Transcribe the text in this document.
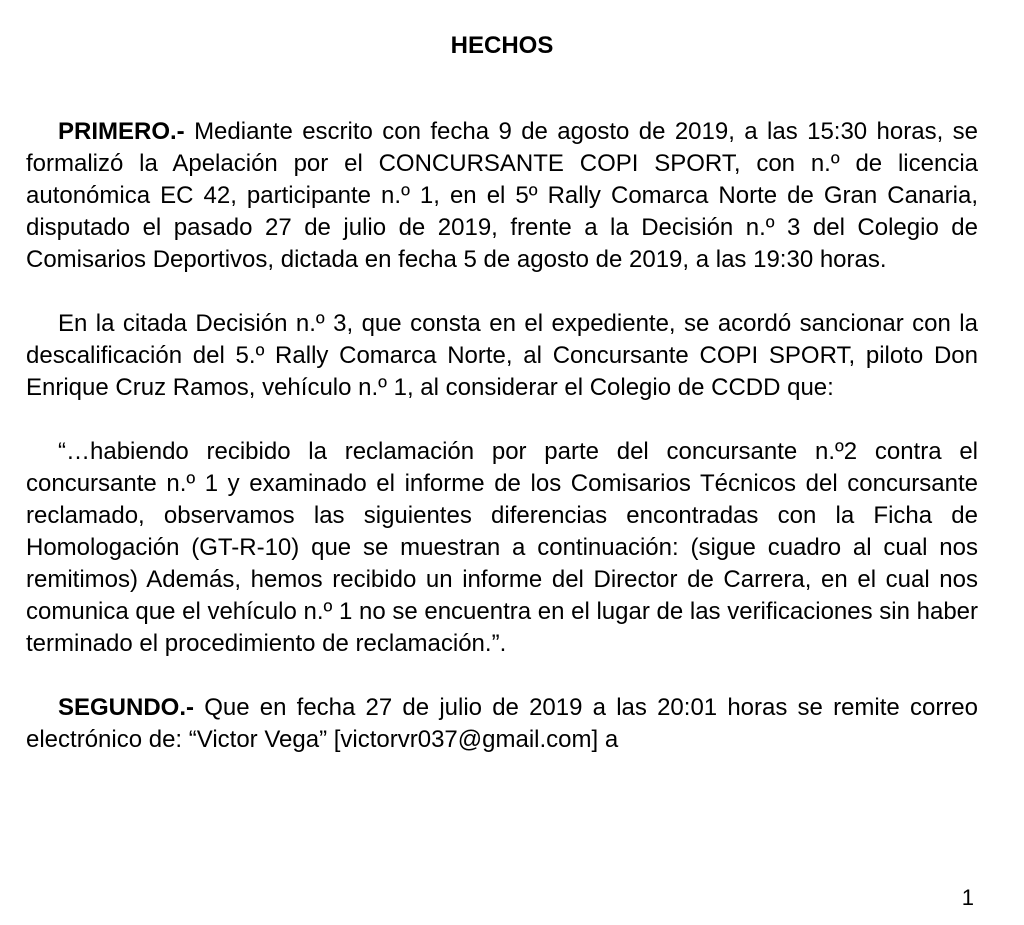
HECHOS

PRIMERO.- Mediante escrito con fecha 9 de agosto de 2019, a las 15:30 horas, se formalizó la Apelación por el CONCURSANTE COPI SPORT, con n.º de licencia autonómica EC 42, participante n.º 1, en el 5º Rally Comarca Norte de Gran Canaria, disputado el pasado 27 de julio de 2019, frente a la Decisión n.º 3 del Colegio de Comisarios Deportivos, dictada en fecha 5 de agosto de 2019, a las 19:30 horas.

En la citada Decisión n.º 3, que consta en el expediente, se acordó sancionar con la descalificación del 5.º Rally Comarca Norte, al Concursante COPI SPORT, piloto Don Enrique Cruz Ramos, vehículo n.º 1, al considerar el Colegio de CCDD que:

“…habiendo recibido la reclamación por parte del concursante n.º2 contra el concursante n.º 1 y examinado el informe de los Comisarios Técnicos del concursante reclamado, observamos las siguientes diferencias encontradas con la Ficha de Homologación (GT-R-10) que se muestran a continuación: (sigue cuadro al cual nos remitimos) Además, hemos recibido un informe del Director de Carrera, en el cual nos comunica que el vehículo n.º 1 no se encuentra en el lugar de las verificaciones sin haber terminado el procedimiento de reclamación.”.

SEGUNDO.- Que en fecha 27 de julio de 2019 a las 20:01 horas se remite correo electrónico de: “Victor Vega” [victorvr037@gmail.com] a

1
